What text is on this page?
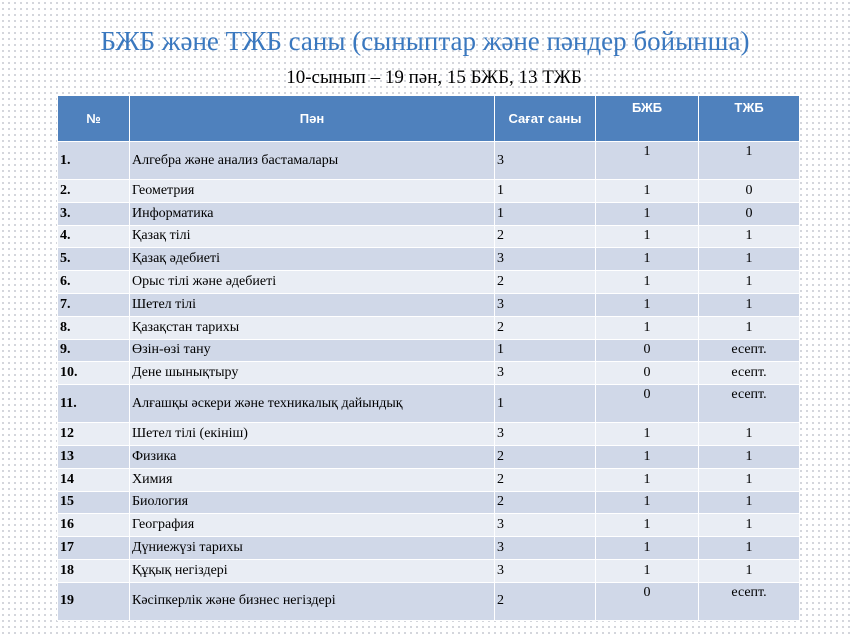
БЖБ және ТЖБ саны (сыныптар және пәндер бойынша)
10-сынып – 19 пән, 15 БЖБ, 13 ТЖБ
№	Пән	Сағат саны	БЖБ	ТЖБ
1.	Алгебра және анализ бастамалары	3	1	1
2.	Геометрия	1	1	0
3.	Информатика	1	1	0
4.	Қазақ тілі	2	1	1
5.	Қазақ әдебиеті	3	1	1
6.	Орыс тілі және әдебиеті	2	1	1
7.	Шетел тілі	3	1	1
8.	Қазақстан тарихы	2	1	1
9.	Өзін-өзі тану	1	0	есепт.
10.	Дене шынықтыру	3	0	есепт.
11.	Алғашқы әскери және техникалық дайындық	1	0	есепт.
12	Шетел тілі (екініш)	3	1	1
13	Физика	2	1	1
14	Химия	2	1	1
15	Биология	2	1	1
16	География	3	1	1
17	Дүниежүзі тарихы	3	1	1
18	Құқық негіздері	3	1	1
19	Кәсіпкерлік және бизнес негіздері	2	0	есепт.
